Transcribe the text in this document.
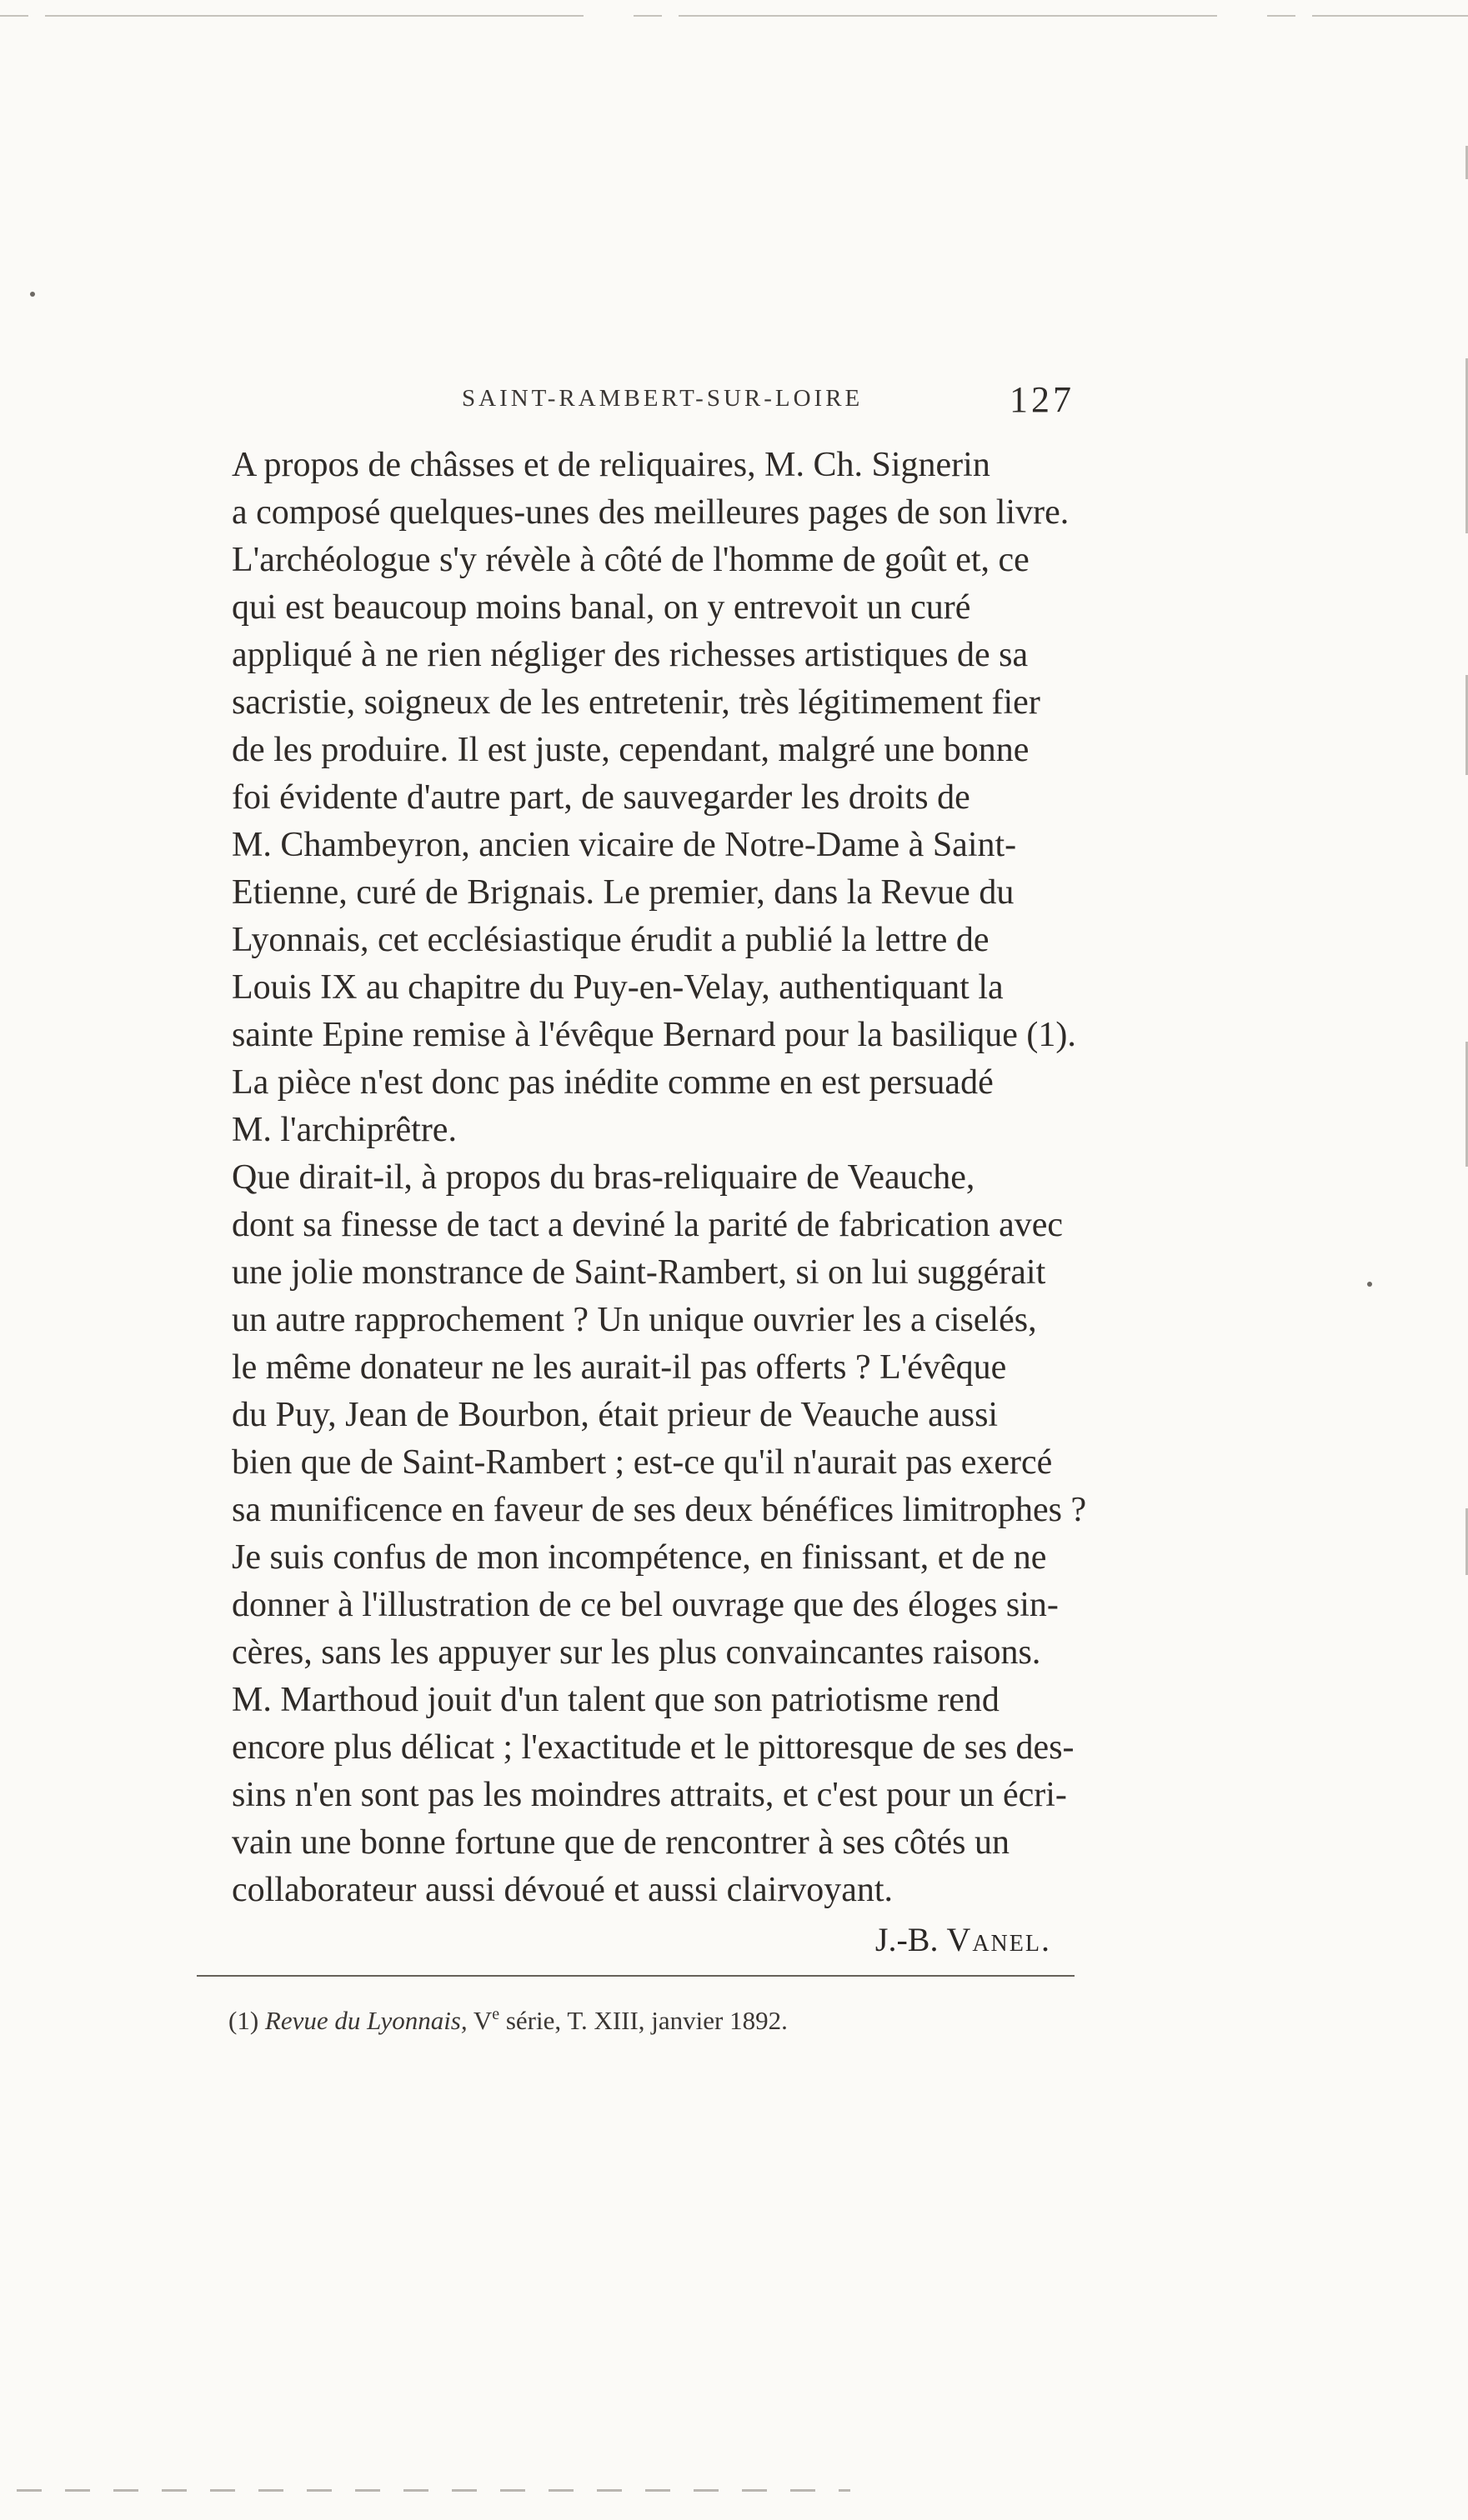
SAINT-RAMBERT-SUR-LOIRE	127

A propos de châsses et de reliquaires, M. Ch. Signerin
a composé quelques-unes des meilleures pages de son livre.
L'archéologue s'y révèle à côté de l'homme de goût et, ce
qui est beaucoup moins banal, on y entrevoit un curé
appliqué à ne rien négliger des richesses artistiques de sa
sacristie, soigneux de les entretenir, très légitimement fier
de les produire. Il est juste, cependant, malgré une bonne
foi évidente d'autre part, de sauvegarder les droits de
M. Chambeyron, ancien vicaire de Notre-Dame à Saint-
Etienne, curé de Brignais. Le premier, dans la Revue du
Lyonnais, cet ecclésiastique érudit a publié la lettre de
Louis IX au chapitre du Puy-en-Velay, authentiquant la
sainte Epine remise à l'évêque Bernard pour la basilique (1).
La pièce n'est donc pas inédite comme en est persuadé
M. l'archiprêtre.

Que dirait-il, à propos du bras-reliquaire de Veauche,
dont sa finesse de tact a deviné la parité de fabrication avec
une jolie monstrance de Saint-Rambert, si on lui suggérait
un autre rapprochement ? Un unique ouvrier les a ciselés,
le même donateur ne les aurait-il pas offerts ? L'évêque
du Puy, Jean de Bourbon, était prieur de Veauche aussi
bien que de Saint-Rambert ; est-ce qu'il n'aurait pas exercé
sa munificence en faveur de ses deux bénéfices limitrophes ?

Je suis confus de mon incompétence, en finissant, et de ne
donner à l'illustration de ce bel ouvrage que des éloges sin-
cères, sans les appuyer sur les plus convaincantes raisons.
M. Marthoud jouit d'un talent que son patriotisme rend
encore plus délicat ; l'exactitude et le pittoresque de ses des-
sins n'en sont pas les moindres attraits, et c'est pour un écri-
vain une bonne fortune que de rencontrer à ses côtés un
collaborateur aussi dévoué et aussi clairvoyant.

J.-B. Vanel.
(1) Revue du Lyonnais, Ve série, T. XIII, janvier 1892.
